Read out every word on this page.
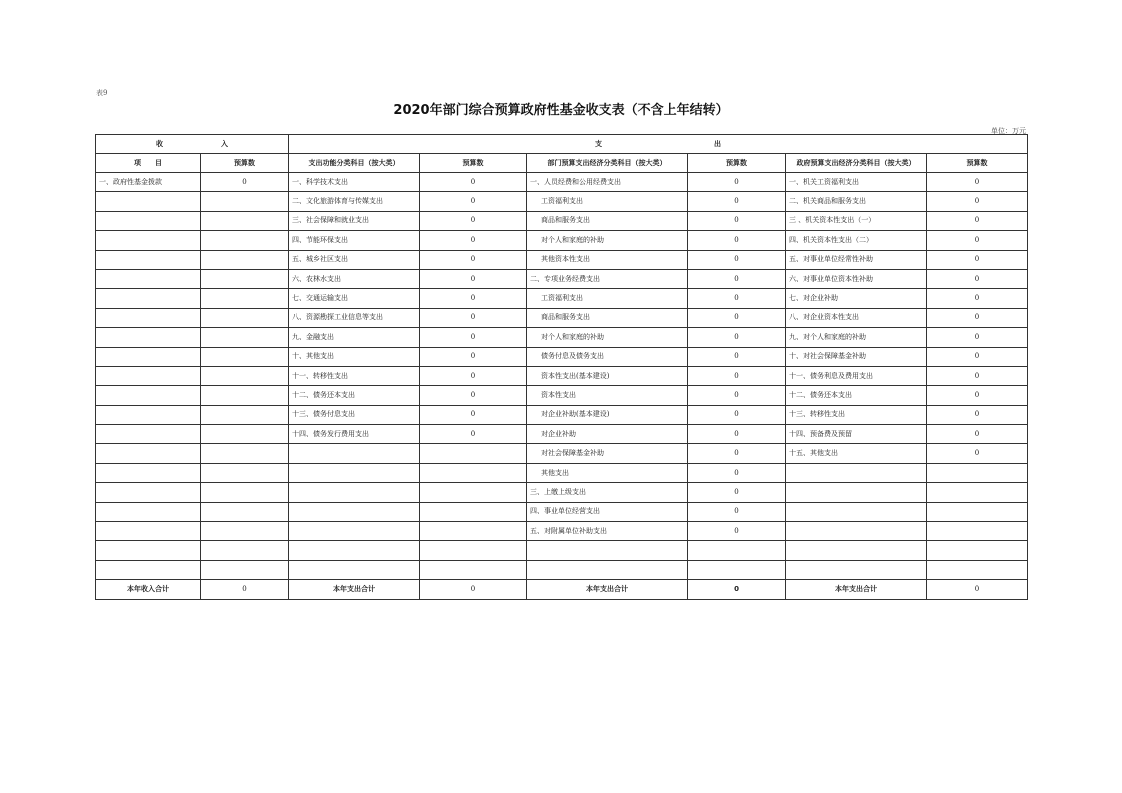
表9
2020年部门综合预算政府性基金收支表（不含上年结转）
单位：万元
收 入		支 出					
项　　目	预算数	支出功能分类科目（按大类）	预算数	部门预算支出经济分类科目（按大类）	预算数	政府预算支出经济分类科目（按大类）	预算数
一、政府性基金拨款	0	一、科学技术支出	0	一、人员经费和公用经费支出	0	一、机关工资福利支出	0
		二、文化旅游体育与传媒支出	0	工资福利支出	0	二、机关商品和服务支出	0
		三、社会保障和就业支出	0	商品和服务支出	0	三 、机关资本性支出（一）	0
		四、节能环保支出	0	对个人和家庭的补助	0	四、机关资本性支出（二）	0
		五、城乡社区支出	0	其他资本性支出	0	五、对事业单位经常性补助	0
		六、农林水支出	0	二、专项业务经费支出	0	六、对事业单位资本性补助	0
		七、交通运输支出	0	工资福利支出	0	七、对企业补助	0
		八、资源勘探工业信息等支出	0	商品和服务支出	0	八、对企业资本性支出	0
		九、金融支出	0	对个人和家庭的补助	0	九、对个人和家庭的补助	0
		十、其他支出	0	债务付息及债务支出	0	十、对社会保障基金补助	0
		十一、转移性支出	0	资本性支出(基本建设)	0	十一、债务利息及费用支出	0
		十二、债务还本支出	0	资本性支出	0	十二、债务还本支出	0
		十三、债务付息支出	0	对企业补助(基本建设)	0	十三、转移性支出	0
		十四、债务发行费用支出	0	对企业补助	0	十四、预备费及预留	0
				对社会保障基金补助	0	十五、其他支出	0
				其他支出	0		
				三、上缴上级支出	0		
				四、事业单位经营支出	0		
				五、对附属单位补助支出	0		

本年收入合计	0	本年支出合计	0	本年支出合计	0	本年支出合计	0
